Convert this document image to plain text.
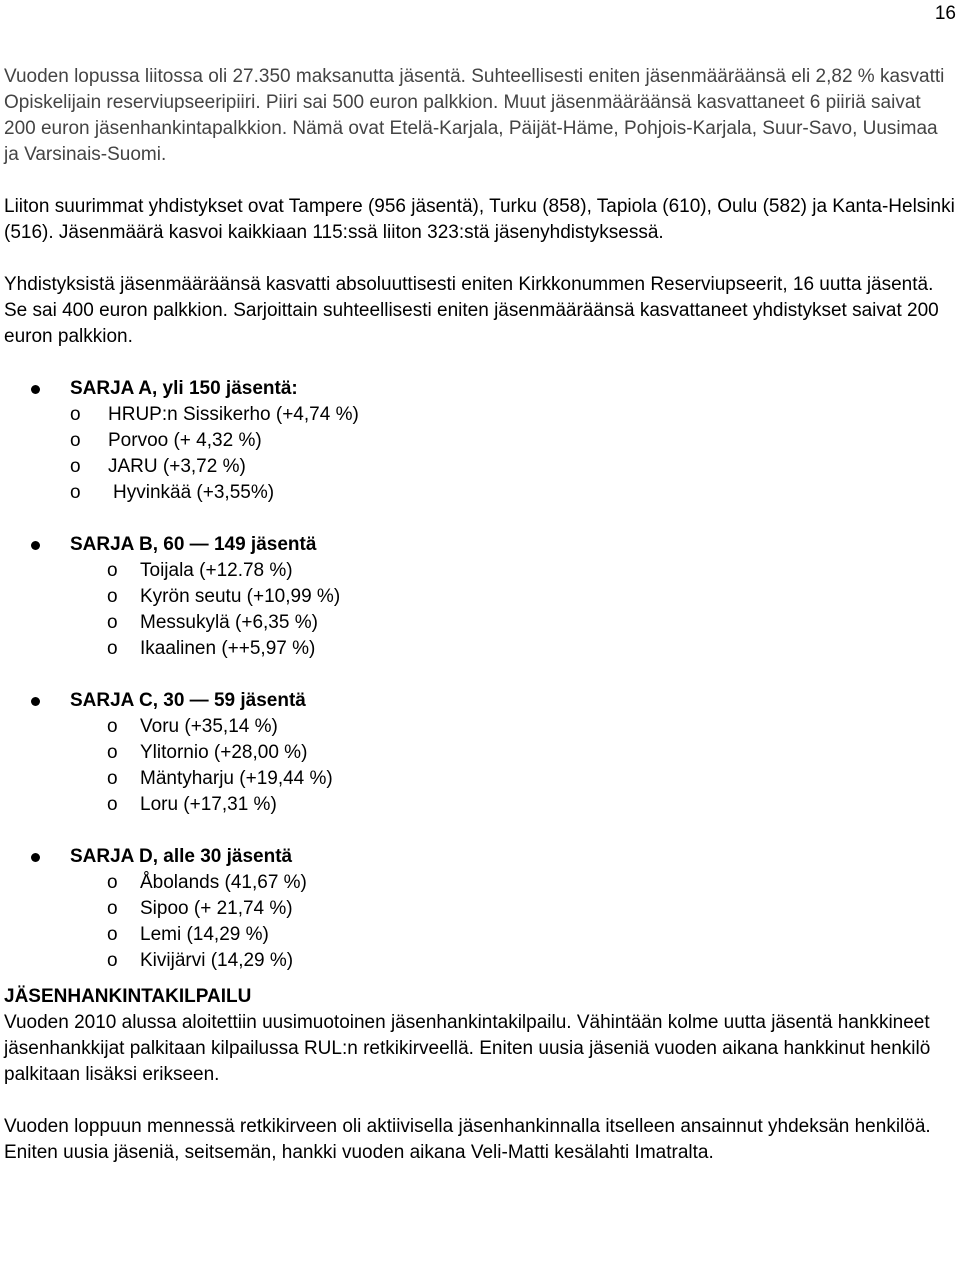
16

Vuoden lopussa liitossa oli 27.350 maksanutta jäsentä. Suhteellisesti eniten jäsenmääräänsä eli 2,82 % kasvatti Opiskelijain reserviupseeripiiri. Piiri sai 500 euron palkkion. Muut jäsenmääräänsä kasvattaneet 6 piiriä saivat 200 euron jäsenhankintapalkkion. Nämä ovat Etelä-Karjala, Päijät-Häme, Pohjois-Karjala, Suur-Savo, Uusimaa ja Varsinais-Suomi.

Liiton suurimmat yhdistykset ovat Tampere (956 jäsentä), Turku (858), Tapiola (610), Oulu (582) ja Kanta-Helsinki (516). Jäsenmäärä kasvoi kaikkiaan 115:ssä liiton 323:stä jäsenyhdistyksessä.

Yhdistyksistä jäsenmääräänsä kasvatti absoluuttisesti eniten Kirkkonummen Reserviupseerit, 16 uutta jäsentä. Se sai 400 euron palkkion. Sarjoittain suhteellisesti eniten jäsenmääräänsä kasvattaneet yhdistykset saivat 200 euron palkkion.

SARJA A, yli 150 jäsentä:
o	HRUP:n Sissikerho (+4,74 %)
o	Porvoo (+ 4,32 %)
o	JARU (+3,72 %)
o	Hyvinkää (+3,55%)
SARJA B, 60 — 149 jäsentä
o	Toijala (+12.78 %)
o	Kyrön seutu (+10,99 %)
o	Messukylä (+6,35 %)
o	Ikaalinen (++5,97 %)
SARJA C, 30 — 59 jäsentä
o	Voru (+35,14 %)
o	Ylitornio (+28,00 %)
o	Mäntyharju (+19,44 %)
o	Loru (+17,31 %)
SARJA D, alle 30 jäsentä
o	Åbolands (41,67 %)
o	Sipoo (+ 21,74 %)
o	Lemi (14,29 %)
o	Kivijärvi (14,29 %)

JÄSENHANKINTAKILPAILU

Vuoden 2010 alussa aloitettiin uusimuotoinen jäsenhankintakilpailu. Vähintään kolme uutta jäsentä hankkineet jäsenhankkijat palkitaan kilpailussa RUL:n retkikirveellä. Eniten uusia jäseniä vuoden aikana hankkinut henkilö palkitaan lisäksi erikseen.

Vuoden loppuun mennessä retkikirveen oli aktiivisella jäsenhankinnalla itselleen ansainnut yhdeksän henkilöä. Eniten uusia jäseniä, seitsemän, hankki vuoden aikana Veli-Matti kesälahti Imatralta.
